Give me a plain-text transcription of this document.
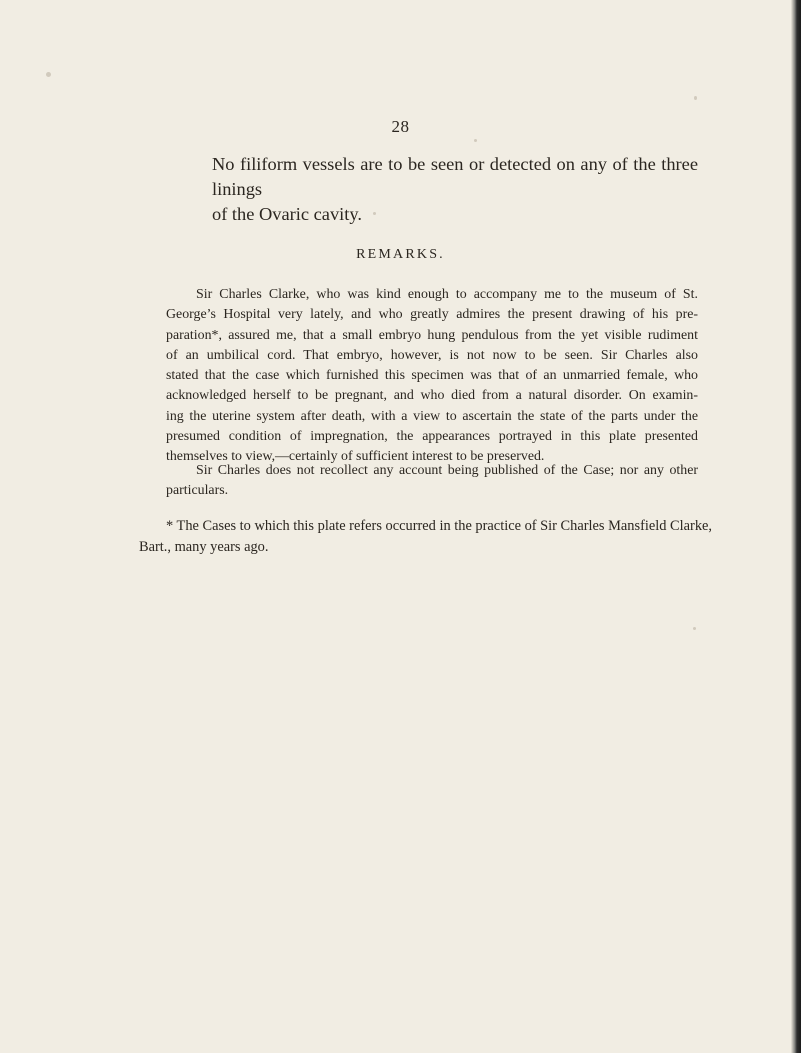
28

No filiform vessels are to be seen or detected on any of the three linings
of the Ovaric cavity.

REMARKS.

Sir Charles Clarke, who was kind enough to accompany me to the museum of St.
George’s Hospital very lately, and who greatly admires the present drawing of his pre-
paration*, assured me, that a small embryo hung pendulous from the yet visible rudiment
of an umbilical cord. That embryo, however, is not now to be seen. Sir Charles also
stated that the case which furnished this specimen was that of an unmarried female, who
acknowledged herself to be pregnant, and who died from a natural disorder. On examin-
ing the uterine system after death, with a view to ascertain the state of the parts under the
presumed condition of impregnation, the appearances portrayed in this plate presented
themselves to view,—certainly of sufficient interest to be preserved.

Sir Charles does not recollect any account being published of the Case; nor any other
particulars.

* The Cases to which this plate refers occurred in the practice of Sir Charles Mansfield Clarke,
Bart., many years ago.
